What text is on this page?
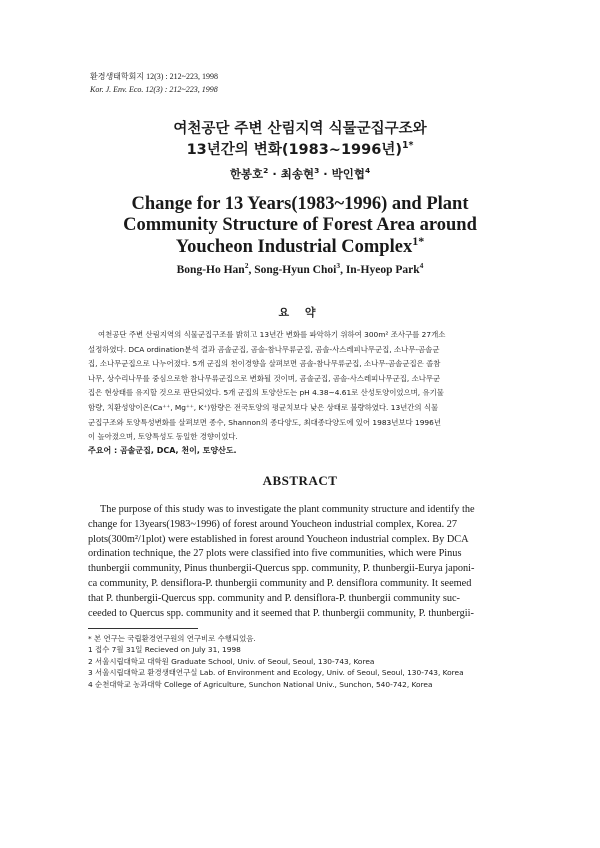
환경생태학회지 12(3) : 212~223, 1998
Kor. J. Env. Eco. 12(3) : 212~223, 1998
여천공단 주변 산림지역 식물군집구조와
13년간의 변화(1983~1996년)$^{1*}$
한봉호$^2$ · 최송현$^3$ · 박인협$^4$
Change for 13 Years(1983~1996) and Plant
Community Structure of Forest Area around
Youcheon Industrial Complex$^{1*}$
Bong-Ho Han$^2$, Song-Hyun Choi$^3$, In-Hyeop Park$^4$
요 약
여천공단 주변 산림지역의 식물군집구조를 밝히고 13년간 변화를 파악하기 위하여 300m² 조사구를 27개소
설정하였다. DCA ordination분석 결과 곰솔군집, 곰솔-참나무류군집, 곰솔-사스레피나무군집, 소나무-곰솔군
집, 소나무군집으로 나누어졌다. 5개 군집의 천이경향을 살펴보면 곰솔-참나무류군집, 소나무-곰솔군집은 졸참
나무, 상수리나무를 중심으로한 참나무류군집으로 변화될 것이며, 곰솔군집, 곰솔-사스레피나무군집, 소나무군
집은 현상태를 유지할 것으로 판단되었다. 5개 군집의 토양산도는 pH 4.38~4.61로 산성토양이었으며, 유기물
함량, 치환성양이온(Ca⁺⁺, Mg⁺⁺, K⁺)함량은 전국토양의 평균치보다 낮은 상태로 불량하였다. 13년간의 식물
군집구조와 토양특성변화를 살펴보면 종수, Shannon의 종다양도, 최대종다양도에 있어 1983년보다 1996년
이 높아졌으며, 토양특성도 동일한 경향이었다.
주요어 : 곰솔군집, DCA, 천이, 토양산도.
ABSTRACT
The purpose of this study was to investigate the plant community structure and identify the
change for 13years(1983~1996) of forest around Youcheon industrial complex, Korea. 27
plots(300m²/1plot) were established in forest around Youcheon industrial complex. By DCA
ordination technique, the 27 plots were classified into five communities, which were Pinus
thunbergii community, Pinus thunbergii-Quercus spp. community, P. thunbergii-Eurya japoni-
ca community, P. densiflora-P. thunbergii community and P. densiflora community. It seemed
that P. thunbergii-Quercus spp. community and P. densiflora-P. thunbergii community suc-
ceeded to Quercus spp. community and it seemed that P. thunbergii community, P. thunbergii-
* 본 연구는 국립환경연구원의 연구비로 수행되었음.
1 접수 7월 31일 Recieved on July 31, 1998
2 서울시립대학교 대학원 Graduate School, Univ. of Seoul, Seoul, 130-743, Korea
3 서울시립대학교 환경생태연구실 Lab. of Environment and Ecology, Univ. of Seoul, Seoul, 130-743, Korea
4 순천대학교 농과대학 College of Agriculture, Sunchon National Univ., Sunchon, 540-742, Korea
